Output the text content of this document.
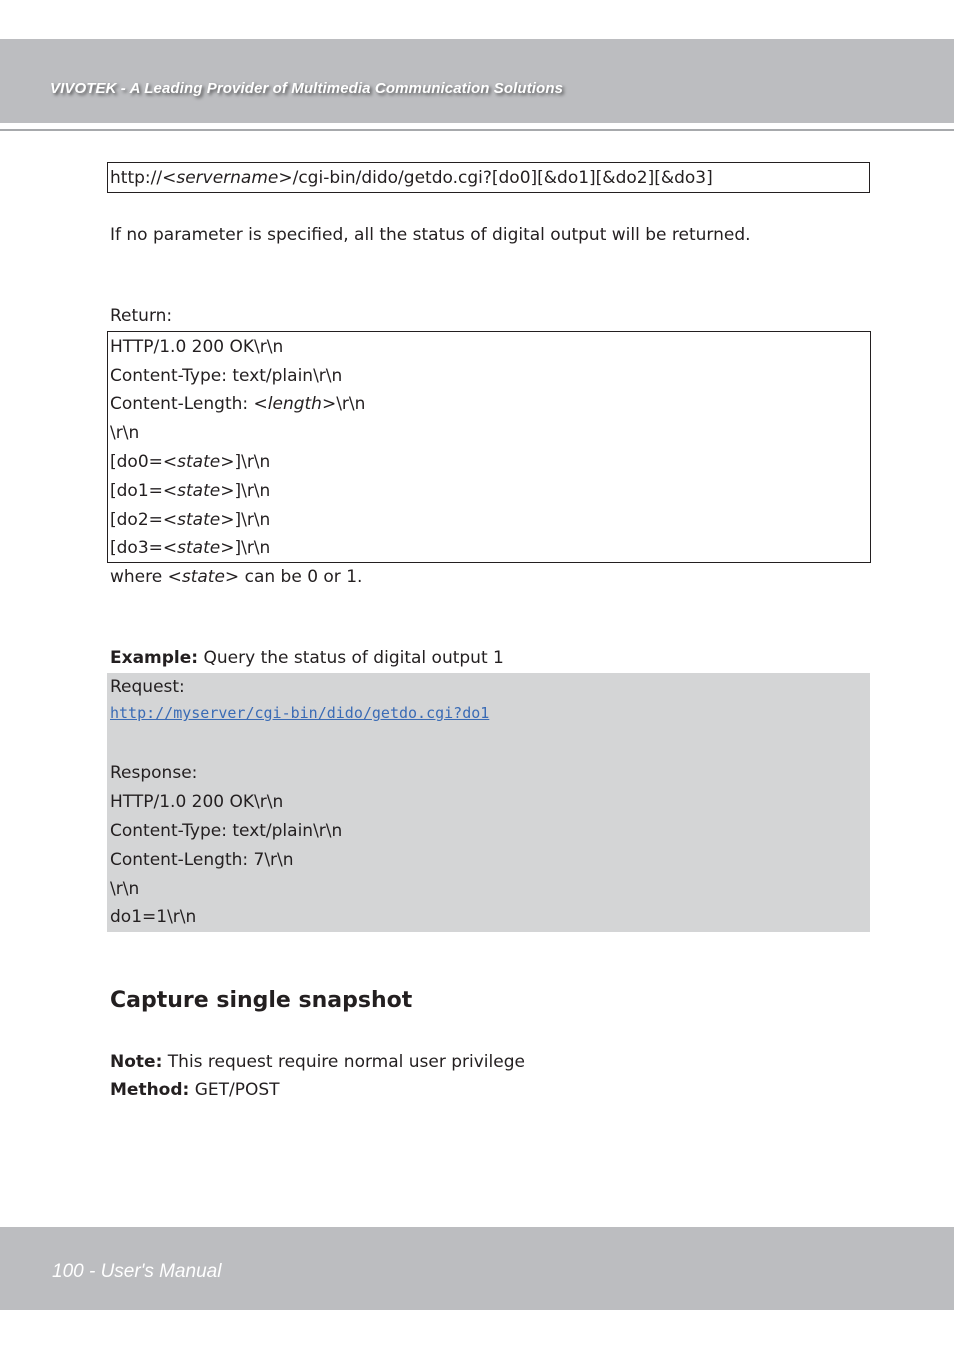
VIVOTEK - A Leading Provider of Multimedia Communication Solutions
http://<servername>/cgi-bin/dido/getdo.cgi?[do0][&do1][&do2][&do3]
If no parameter is specified, all the status of digital output will be returned.
Return:
HTTP/1.0 200 OK\r\n
Content-Type: text/plain\r\n
Content-Length: <length>\r\n
\r\n
[do0=<state>]\r\n
[do1=<state>]\r\n
[do2=<state>]\r\n
[do3=<state>]\r\n
where <state> can be 0 or 1.
Example: Query the status of digital output 1
Request:
http://myserver/cgi-bin/dido/getdo.cgi?do1
Response:
HTTP/1.0 200 OK\r\n
Content-Type: text/plain\r\n
Content-Length: 7\r\n
\r\n
do1=1\r\n
Capture single snapshot
Note: This request require normal user privilege
Method: GET/POST
100 - User's Manual
